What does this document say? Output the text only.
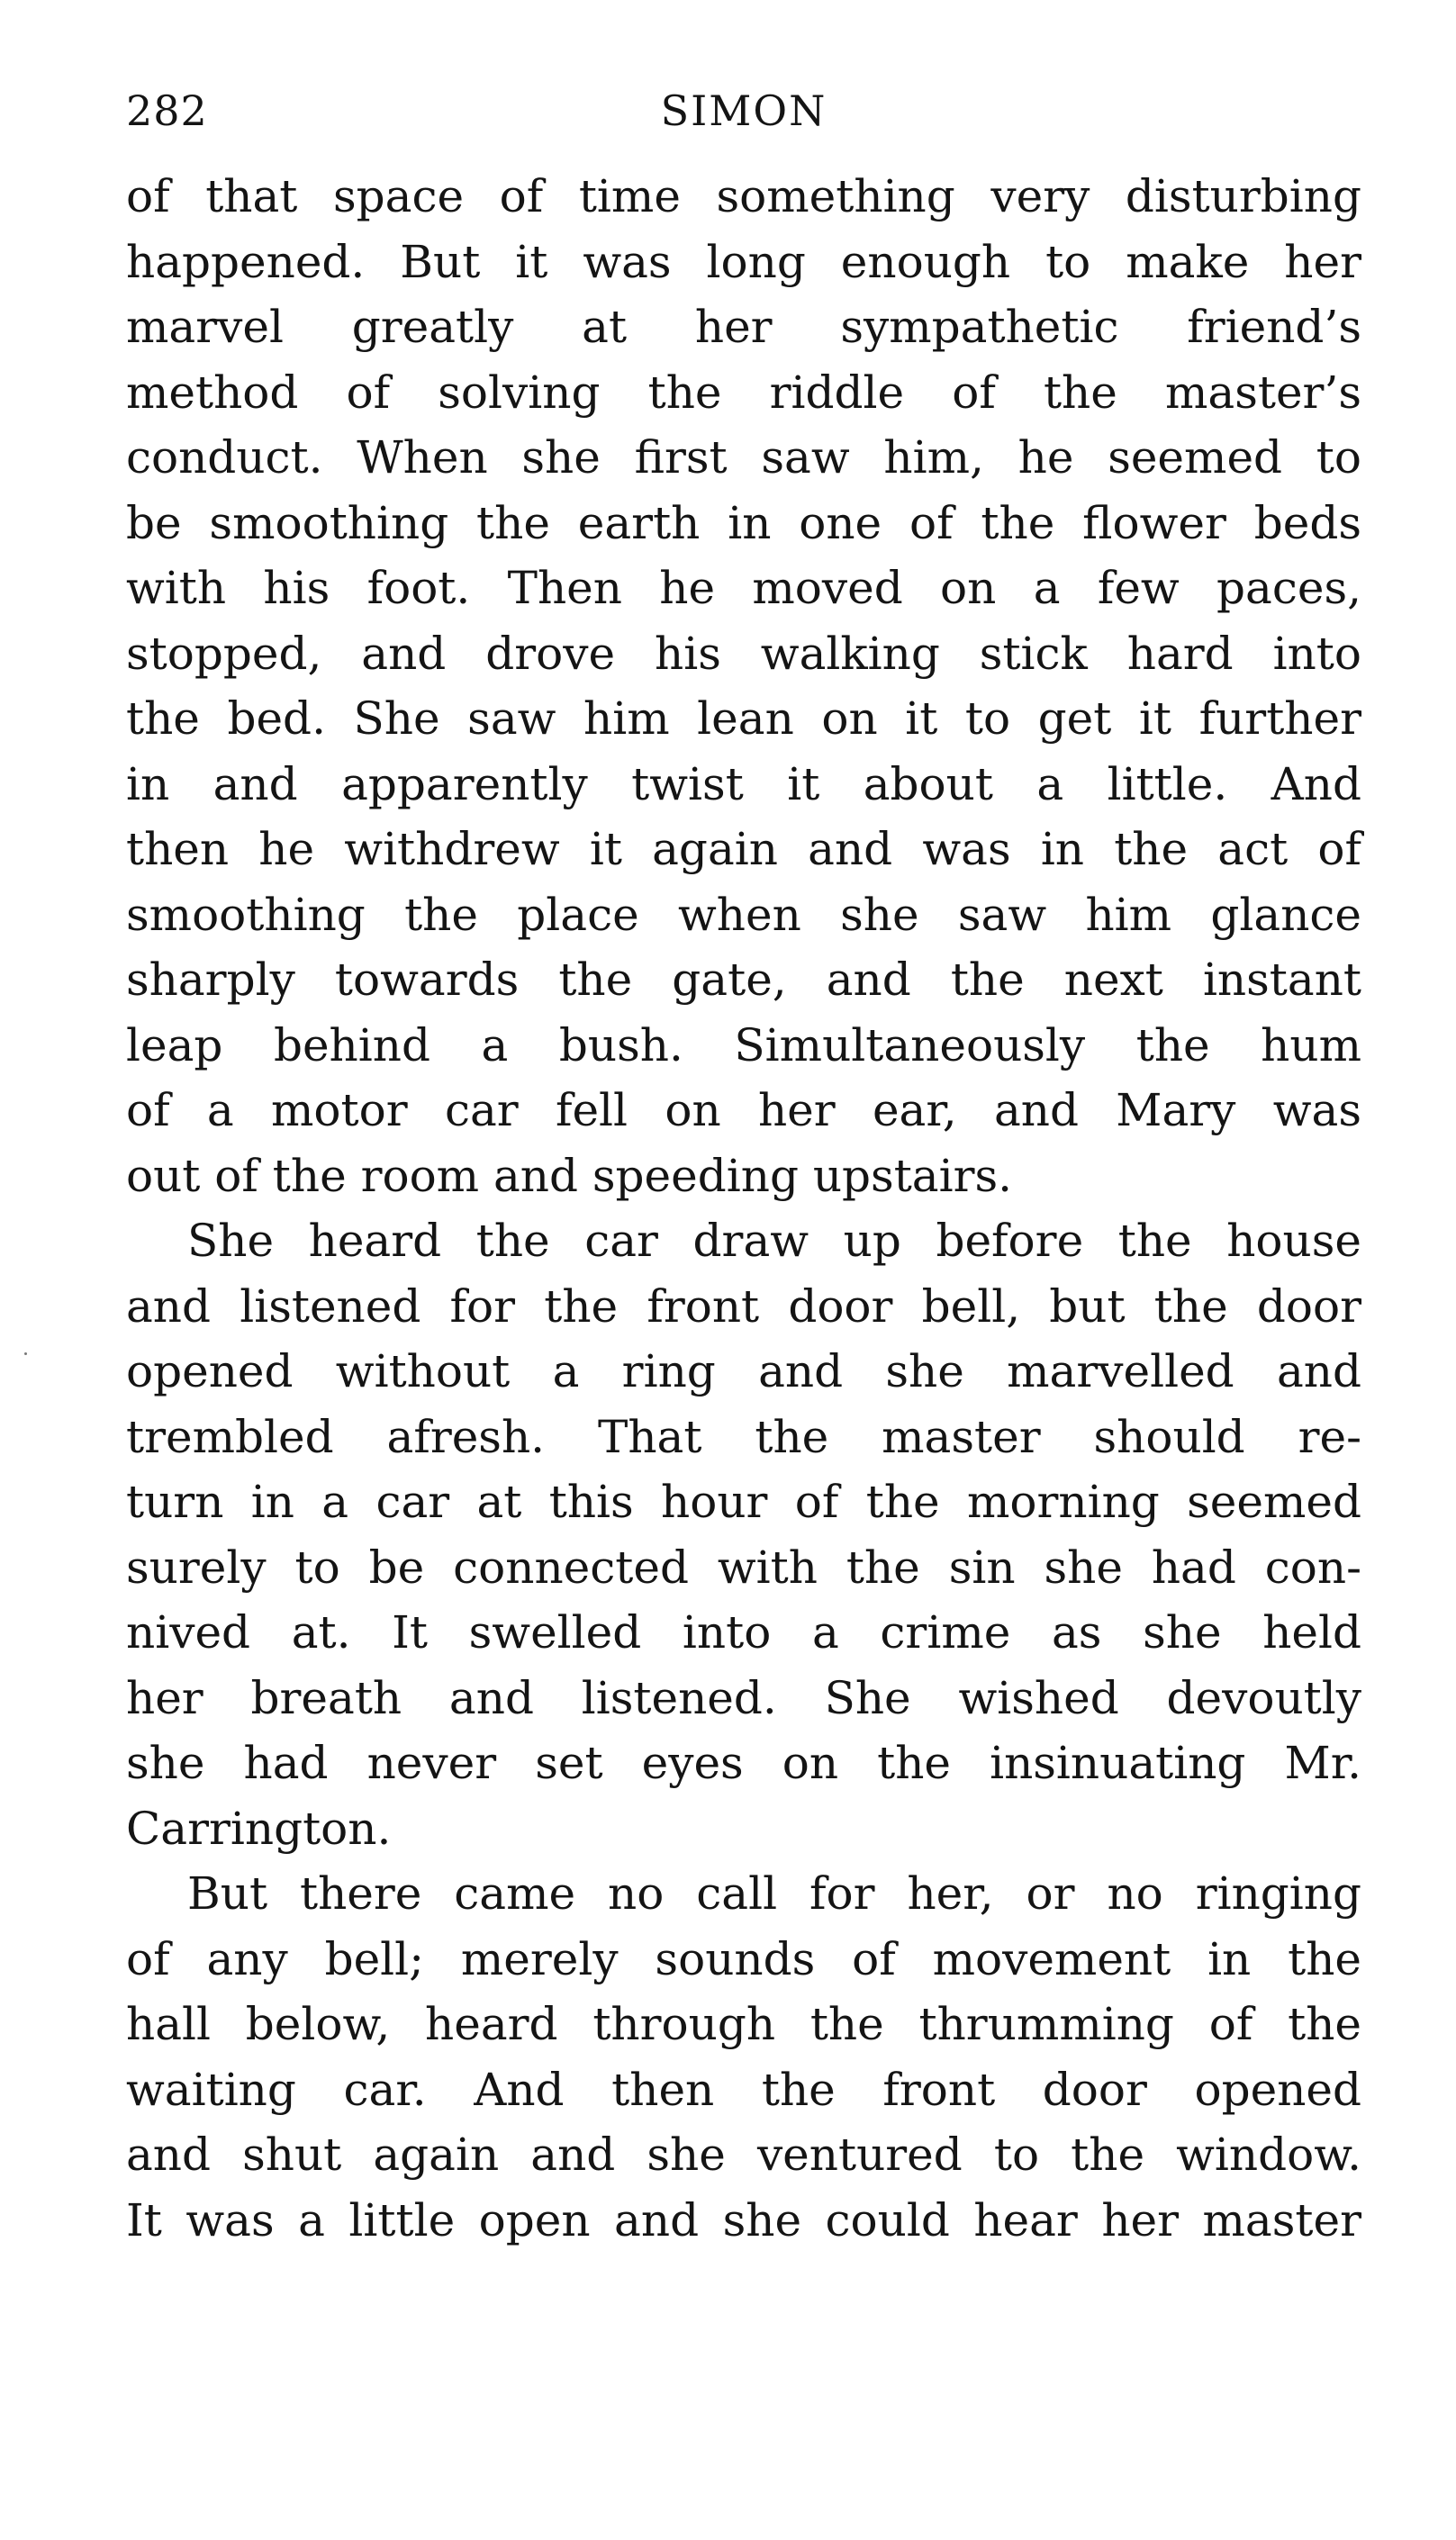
282	SIMON
of that space of time something very disturbing
happened. But it was long enough to make her
marvel greatly at her sympathetic friend’s
method of solving the riddle of the master’s
conduct. When she first saw him, he seemed to
be smoothing the earth in one of the flower beds
with his foot. Then he moved on a few paces,
stopped, and drove his walking stick hard into
the bed. She saw him lean on it to get it further
in and apparently twist it about a little. And
then he withdrew it again and was in the act of
smoothing the place when she saw him glance
sharply towards the gate, and the next instant
leap behind a bush. Simultaneously the hum
of a motor car fell on her ear, and Mary was
out of the room and speeding upstairs.
She heard the car draw up before the house
and listened for the front door bell, but the door
opened without a ring and she marvelled and
trembled afresh. That the master should re-
turn in a car at this hour of the morning seemed
surely to be connected with the sin she had con-
nived at. It swelled into a crime as she held
her breath and listened. She wished devoutly
she had never set eyes on the insinuating Mr.
Carrington.
But there came no call for her, or no ringing
of any bell; merely sounds of movement in the
hall below, heard through the thrumming of the
waiting car. And then the front door opened
and shut again and she ventured to the window.
It was a little open and she could hear her master
